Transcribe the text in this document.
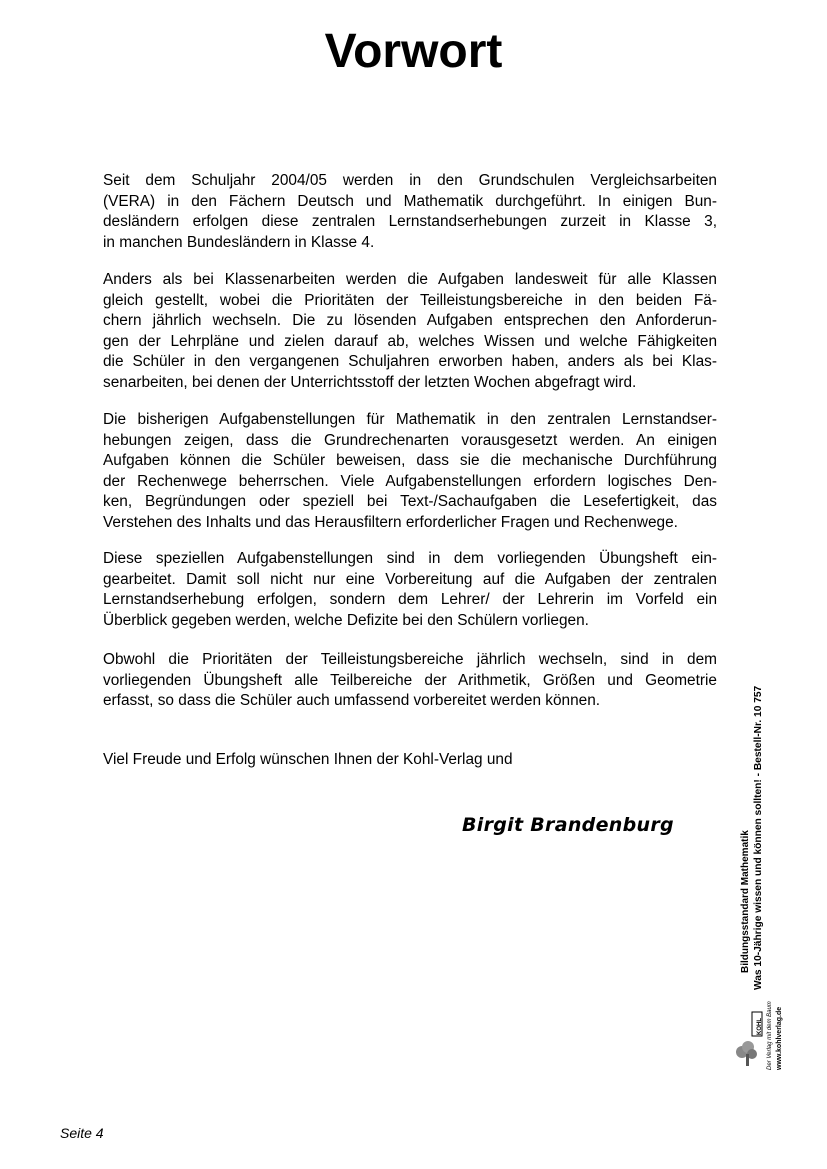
Vorwort
Seit dem Schuljahr 2004/05 werden in den Grundschulen Vergleichsarbeiten
(VERA) in den Fächern Deutsch und Mathematik durchgeführt. In einigen Bun-
desländern erfolgen diese zentralen Lernstandserhebungen zurzeit in Klasse 3,
in manchen Bundesländern in Klasse 4.
Anders als bei Klassenarbeiten werden die Aufgaben landesweit für alle Klassen
gleich gestellt, wobei die Prioritäten der Teilleistungsbereiche in den beiden Fä-
chern jährlich wechseln. Die zu lösenden Aufgaben entsprechen den Anforderun-
gen der Lehrpläne und zielen darauf ab, welches Wissen und welche Fähigkeiten
die Schüler in den vergangenen Schuljahren erworben haben, anders als bei Klas-
senarbeiten, bei denen der Unterrichtsstoff der letzten Wochen abgefragt wird.
Die bisherigen Aufgabenstellungen für Mathematik in den zentralen Lernstandser-
hebungen zeigen, dass die Grundrechenarten vorausgesetzt werden. An einigen
Aufgaben können die Schüler beweisen, dass sie die mechanische Durchführung
der Rechenwege beherrschen. Viele Aufgabenstellungen erfordern logisches Den-
ken, Begründungen oder speziell bei Text-/Sachaufgaben die Lesefertigkeit, das
Verstehen des Inhalts und das Herausfiltern erforderlicher Fragen und Rechenwege.
Diese speziellen Aufgabenstellungen sind in dem vorliegenden Übungsheft ein-
gearbeitet. Damit soll nicht nur eine Vorbereitung auf die Aufgaben der zentralen
Lernstandserhebung erfolgen, sondern dem Lehrer/ der Lehrerin im Vorfeld ein
Überblick gegeben werden, welche Defizite bei den Schülern vorliegen.
Obwohl die Prioritäten der Teilleistungsbereiche jährlich wechseln, sind in dem
vorliegenden Übungsheft alle Teilbereiche der Arithmetik, Größen und Geometrie
erfasst, so dass die Schüler auch umfassend vorbereitet werden können.

Viel Freude und Erfolg wünschen Ihnen der Kohl-Verlag und

Birgit Brandenburg

Bildungsstandard Mathematik Was 10-Jährige wissen und können sollten! - Bestell-Nr. 10 757
KOHL Der Verlag mit dem Baum www.kohlverlag.de

Seite 4
